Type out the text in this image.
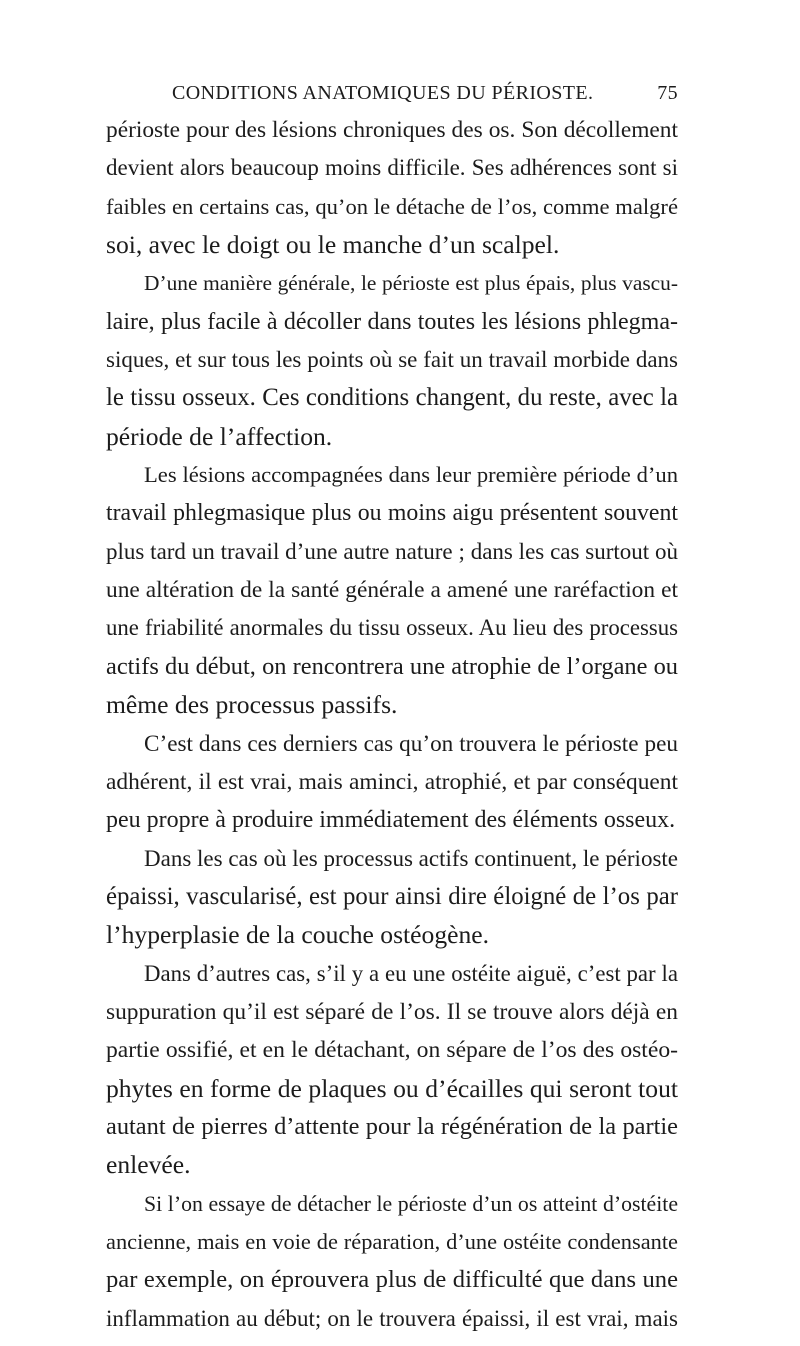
CONDITIONS ANATOMIQUES DU PÉRIOSTE.	75
périoste pour des lésions chroniques des os. Son décollement
devient alors beaucoup moins difficile. Ses adhérences sont si
faibles en certains cas, qu’on le détache de l’os, comme malgré
soi, avec le doigt ou le manche d’un scalpel.
D’une manière générale, le périoste est plus épais, plus vascu-
laire, plus facile à décoller dans toutes les lésions phlegma-
siques, et sur tous les points où se fait un travail morbide dans
le tissu osseux. Ces conditions changent, du reste, avec la
période de l’affection.
Les lésions accompagnées dans leur première période d’un
travail phlegmasique plus ou moins aigu présentent souvent
plus tard un travail d’une autre nature ; dans les cas surtout où
une altération de la santé générale a amené une raréfaction et
une friabilité anormales du tissu osseux. Au lieu des processus
actifs du début, on rencontrera une atrophie de l’organe ou
même des processus passifs.
C’est dans ces derniers cas qu’on trouvera le périoste peu
adhérent, il est vrai, mais aminci, atrophié, et par conséquent
peu propre à produire immédiatement des éléments osseux.
Dans les cas où les processus actifs continuent, le périoste
épaissi, vascularisé, est pour ainsi dire éloigné de l’os par
l’hyperplasie de la couche ostéogène.
Dans d’autres cas, s’il y a eu une ostéite aiguë, c’est par la
suppuration qu’il est séparé de l’os. Il se trouve alors déjà en
partie ossifié, et en le détachant, on sépare de l’os des ostéo-
phytes en forme de plaques ou d’écailles qui seront tout
autant de pierres d’attente pour la régénération de la partie
enlevée.
Si l’on essaye de détacher le périoste d’un os atteint d’ostéite
ancienne, mais en voie de réparation, d’une ostéite condensante
par exemple, on éprouvera plus de difficulté que dans une
inflammation au début; on le trouvera épaissi, il est vrai, mais
